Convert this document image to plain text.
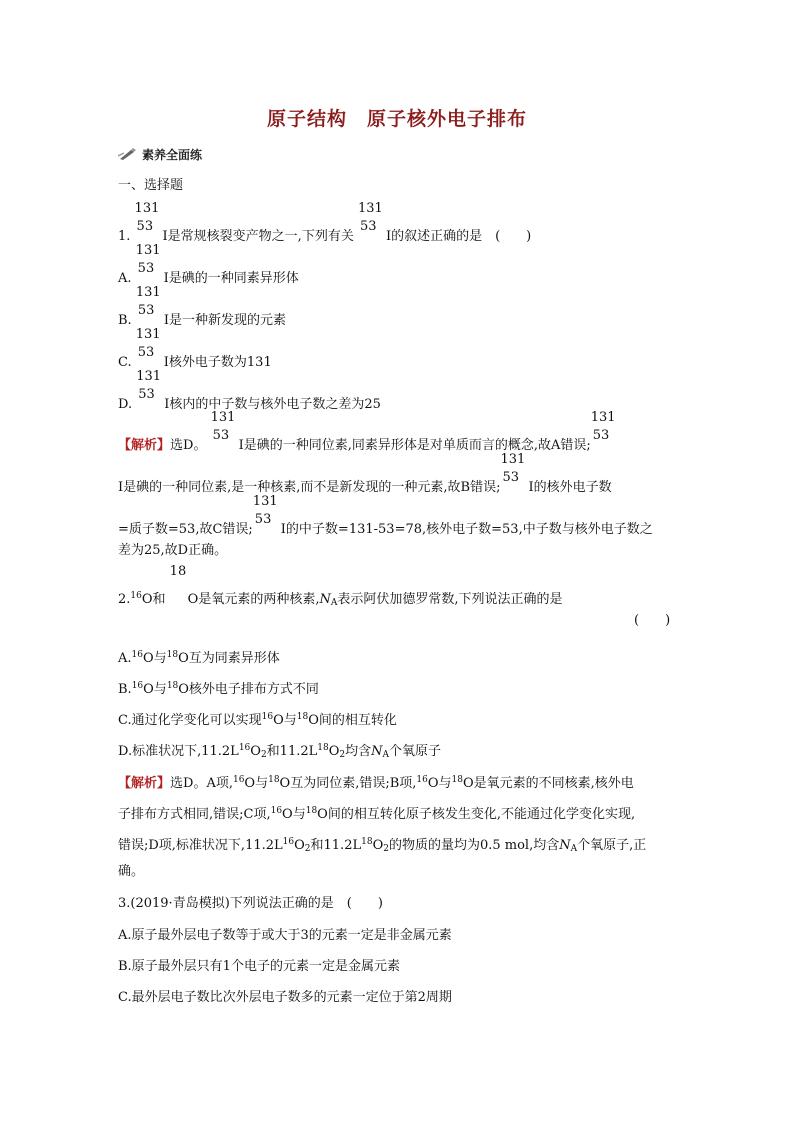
原子结构　原子核外电子排布
素养全面练
一、选择题
1.
131
53
I是常规核裂变产物之一,下列有关
131
53
I的叙述正确的是　(　　)
A.
131
53
I是碘的一种同素异形体
B.
131
53
I是一种新发现的元素
C.
131
53
I核外电子数为131
D.
131
53
I核内的中子数与核外电子数之差为25
【解析】选D。
131
53
I是碘的一种同位素,同素异形体是对单质而言的概念,故A错误;
131
53
I是碘的一种同位素,是一种核素,而不是新发现的一种元素,故B错误;
131
53
I的核外电子数
=质子数=53,故C错误;
131
53
I的中子数=131-53=78,核外电子数=53,中子数与核外电子数之
差为25,故D正确。
2.16O和
18
O是氧元素的两种核素$,N_A$表示阿伏加德罗常数,下列说法正确的是
(　　)
A.$^{16}$O与$^{18}$O互为同素异形体
B.$^{16}$O与$^{18}$O核外电子排布方式不同
C.通过化学变化可以实现$^{16}$O与$^{18}$O间的相互转化
D.标准状况下$,11.2L^{16}O_2$和$11.2L^{18}O_2$均含$N_A$个氧原子
【解析】选D。A项,$^{16}$O与$^{18}$O互为同位素,错误;B项,$^{16}$O与$^{18}$O是氧元素的不同核素,核外电
子排布方式相同,错误;C项,$^{16}$O与$^{18}$O间的相互转化原子核发生变化,不能通过化学变化实现,
错误;D项,标准状况下$,11.2L^{16}O_2$和$11.2L^{18}O_2$的物质的量均为0.5 mol,均含$N_A$个氧原子,正
确。
3.(2019·青岛模拟)下列说法正确的是　(　　)
A.原子最外层电子数等于或大于3的元素一定是非金属元素
B.原子最外层只有1个电子的元素一定是金属元素
C.最外层电子数比次外层电子数多的元素一定位于第2周期
